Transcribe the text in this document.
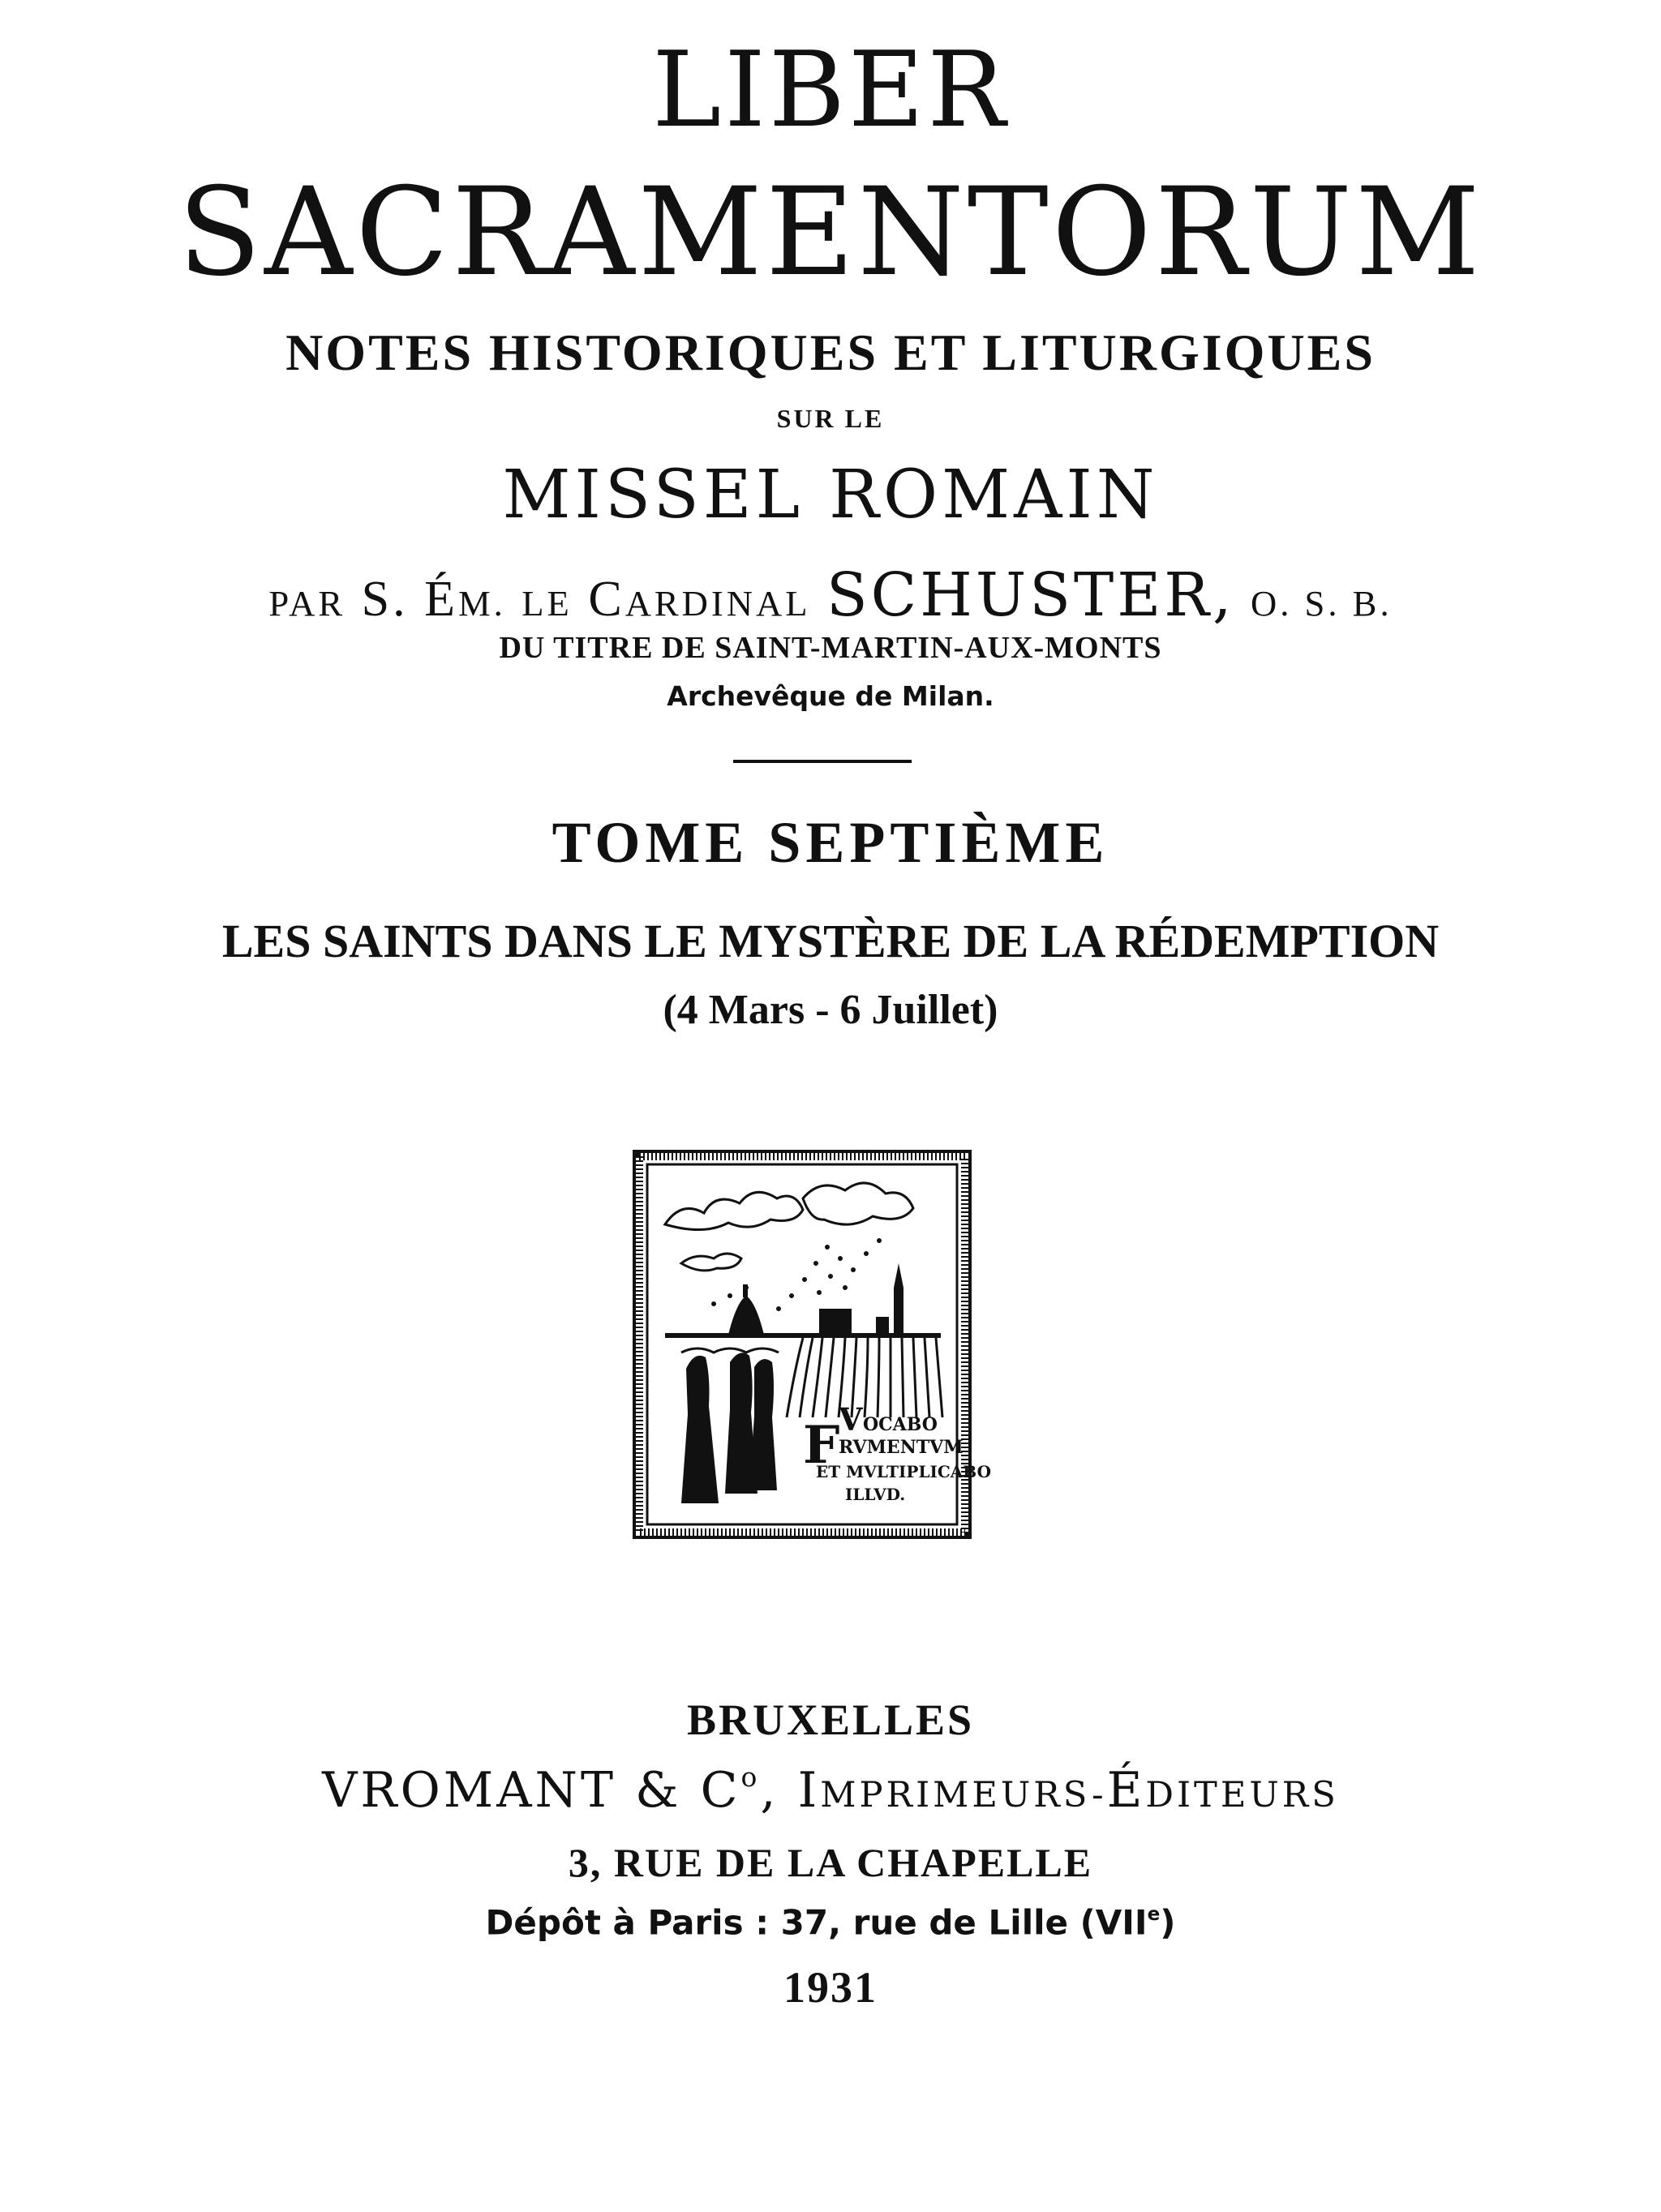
LIBER
SACRAMENTORUM
NOTES HISTORIQUES ET LITURGIQUES
SUR LE
MISSEL ROMAIN
PAR S. ÉM. LE CARDINAL SCHUSTER, O. S. B.
DU TITRE DE SAINT-MARTIN-AUX-MONTS
Archevêque de Milan.
TOME SEPTIÈME
LES SAINTS DANS LE MYSTÈRE DE LA RÉDEMPTION
(4 Mars - 6 Juillet)
V OCABO
F
RVMENTVM
ET MVLTIPLICABO
ILLVD.
BRUXELLES
VROMANT & $C^o$, IMPRIMEURS-ÉDITEURS
3, RUE DE LA CHAPELLE
Dépôt à Paris : 37, rue de Lille (VIIe)
1931
